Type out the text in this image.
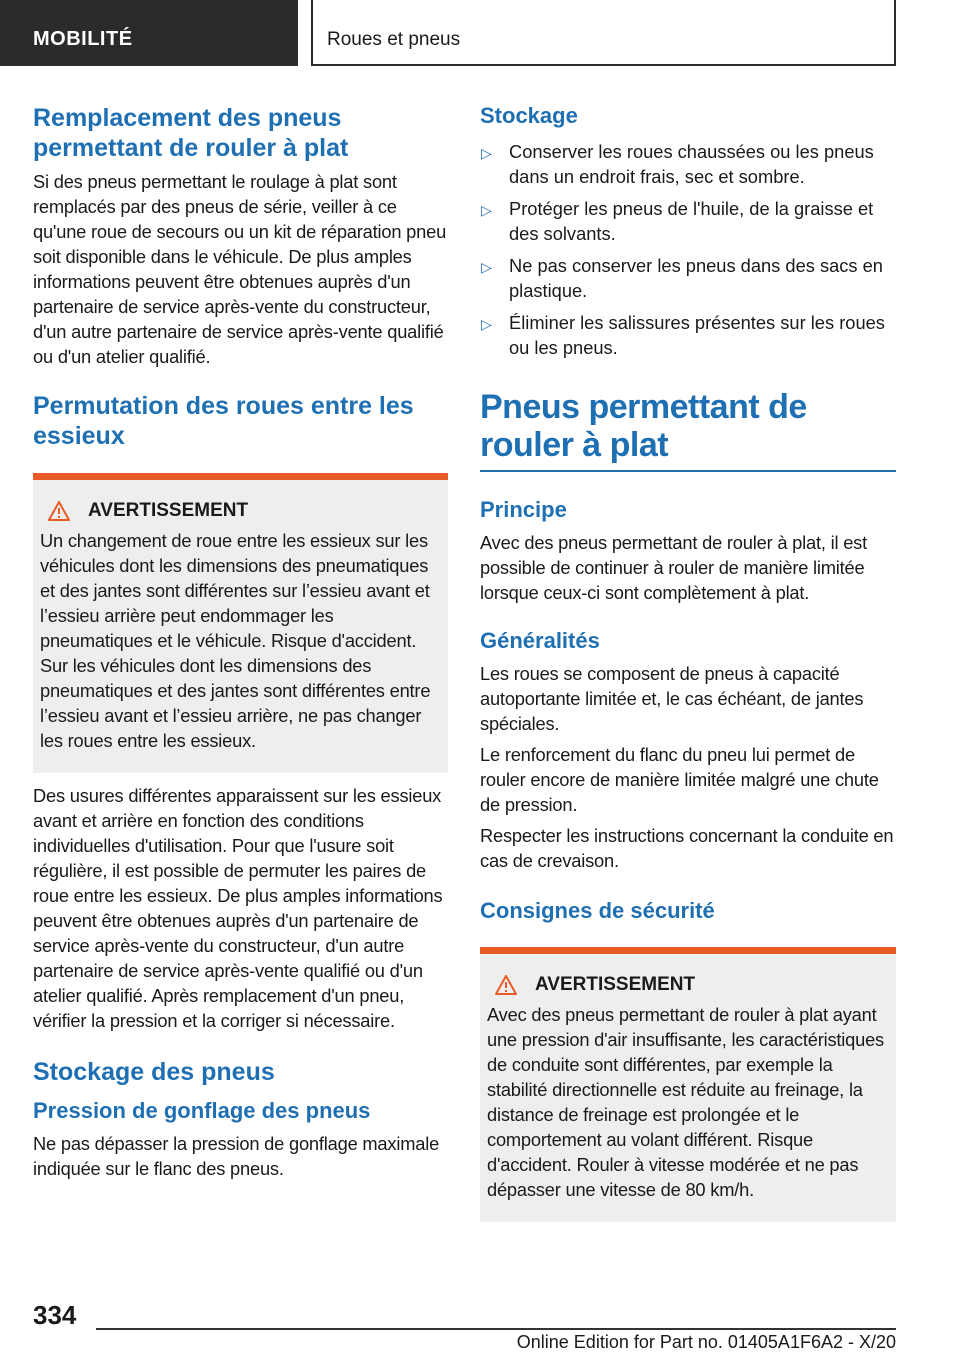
MOBILITÉ	Roues et pneus
Remplacement des pneus permettant de rouler à plat

Si des pneus permettant le roulage à plat sont remplacés par des pneus de série, veiller à ce qu'une roue de secours ou un kit de réparation pneu soit disponible dans le véhicule. De plus amples informations peuvent être obtenues auprès d'un partenaire de service après-vente du constructeur, d'un autre partenaire de service après-vente qualifié ou d'un atelier qualifié.

Permutation des roues entre les essieux
AVERTISSEMENT

Un changement de roue entre les essieux sur les véhicules dont les dimensions des pneumatiques et des jantes sont différentes sur l’essieu avant et l’essieu arrière peut endommager les pneumatiques et le véhicule. Risque d'accident. Sur les véhicules dont les dimensions des pneumatiques et des jantes sont différentes entre l’essieu avant et l’essieu arrière, ne pas changer les roues entre les essieux.

Des usures différentes apparaissent sur les essieux avant et arrière en fonction des conditions individuelles d'utilisation. Pour que l'usure soit régulière, il est possible de permuter les paires de roue entre les essieux. De plus amples informations peuvent être obtenues auprès d'un partenaire de service après-vente du constructeur, d'un autre partenaire de service après-vente qualifié ou d'un atelier qualifié. Après remplacement d'un pneu, vérifier la pression et la corriger si nécessaire.

Stockage des pneus
Pression de gonflage des pneus

Ne pas dépasser la pression de gonflage maximale indiquée sur le flanc des pneus.

Stockage
▷ Conserver les roues chaussées ou les pneus dans un endroit frais, sec et sombre.
▷ Protéger les pneus de l'huile, de la graisse et des solvants.
▷ Ne pas conserver les pneus dans des sacs en plastique.
▷ Éliminer les salissures présentes sur les roues ou les pneus.
Pneus permettant de rouler à plat
Principe

Avec des pneus permettant de rouler à plat, il est possible de continuer à rouler de manière limitée lorsque ceux-ci sont complètement à plat.

Généralités

Les roues se composent de pneus à capacité autoportante limitée et, le cas échéant, de jantes spéciales.

Le renforcement du flanc du pneu lui permet de rouler encore de manière limitée malgré une chute de pression.

Respecter les instructions concernant la conduite en cas de crevaison.

Consignes de sécurité
AVERTISSEMENT

Avec des pneus permettant de rouler à plat ayant une pression d'air insuffisante, les caractéristiques de conduite sont différentes, par exemple la stabilité directionnelle est réduite au freinage, la distance de freinage est prolongée et le comportement au volant différent. Risque d'accident. Rouler à vitesse modérée et ne pas dépasser une vitesse de 80 km/h.

334
Online Edition for Part no. 01405A1F6A2 - X/20
